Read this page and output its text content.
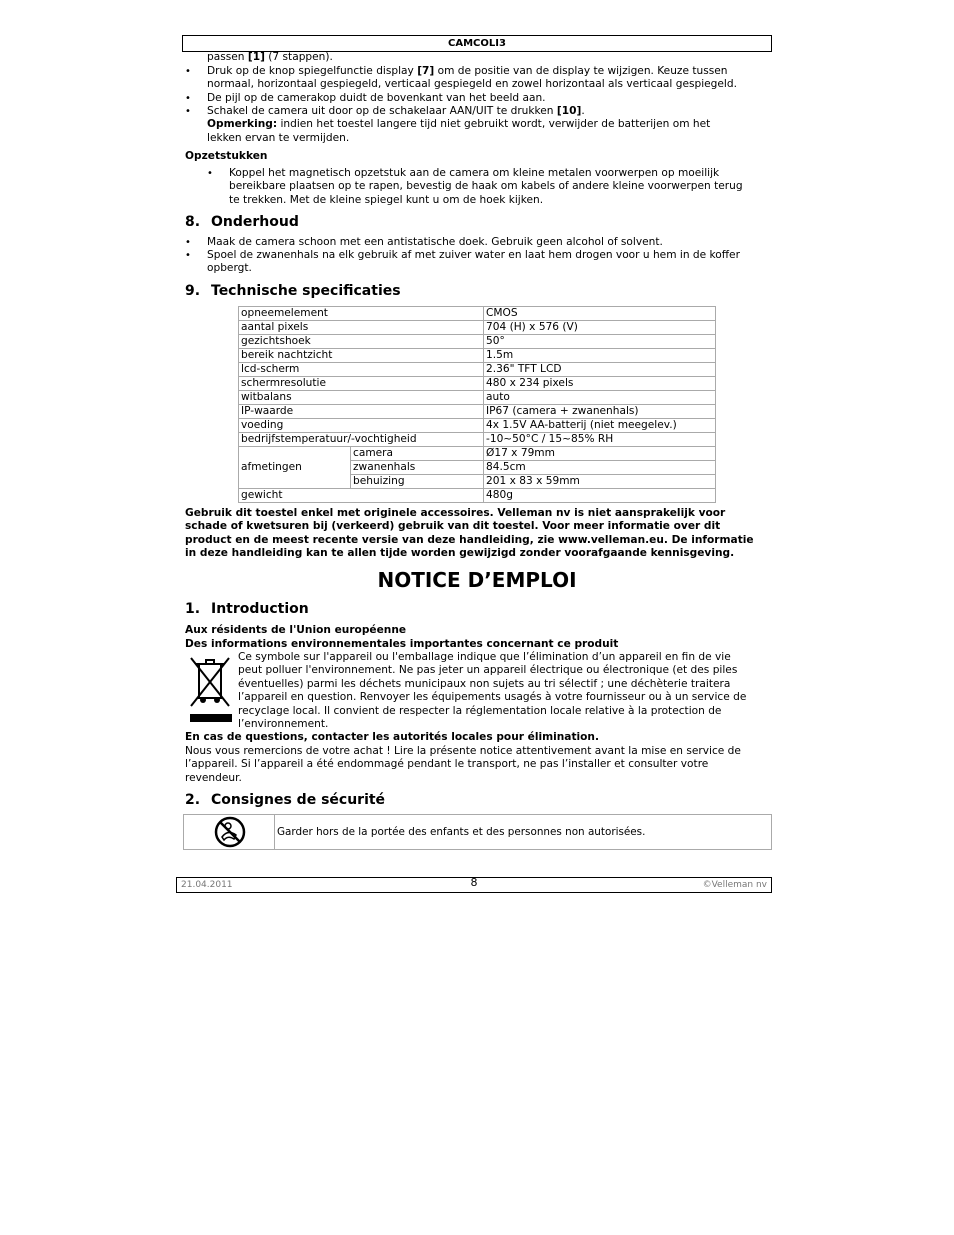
CAMCOLI3
passen [1] (7 stappen).
• Druk op de knop spiegelfunctie display [7] om de positie van de display te wijzigen. Keuze tussen
normaal, horizontaal gespiegeld, verticaal gespiegeld en zowel horizontaal als verticaal gespiegeld.
• De pijl op de camerakop duidt de bovenkant van het beeld aan.
• Schakel de camera uit door op de schakelaar AAN/UIT te drukken [10].
Opmerking: indien het toestel langere tijd niet gebruikt wordt, verwijder de batterijen om het
lekken ervan te vermijden.
Opzetstukken
• Koppel het magnetisch opzetstuk aan de camera om kleine metalen voorwerpen op moeilijk
bereikbare plaatsen op te rapen, bevestig de haak om kabels of andere kleine voorwerpen terug
te trekken. Met de kleine spiegel kunt u om de hoek kijken.
8. Onderhoud
• Maak de camera schoon met een antistatische doek. Gebruik geen alcohol of solvent.
• Spoel de zwanenhals na elk gebruik af met zuiver water en laat hem drogen voor u hem in de koffer
opbergt.
9. Technische specificaties
opneemelement		CMOS
aantal pixels		704 (H) x 576 (V)
gezichtshoek		50°
bereik nachtzicht		1.5m
lcd-scherm		2.36" TFT LCD
schermresolutie		480 x 234 pixels
witbalans		auto
IP-waarde		IP67 (camera + zwanenhals)
voeding		4x 1.5V AA-batterij (niet meegelev.)
bedrijfstemperatuur/-vochtigheid		-10~50°C / 15~85% RH
afmetingen	camera	Ø17 x 79mm
	zwanenhals	84.5cm
	behuizing	201 x 83 x 59mm
gewicht		480g
Gebruik dit toestel enkel met originele accessoires. Velleman nv is niet aansprakelijk voor
schade of kwetsuren bij (verkeerd) gebruik van dit toestel. Voor meer informatie over dit
product en de meest recente versie van deze handleiding, zie www.velleman.eu. De informatie
in deze handleiding kan te allen tijde worden gewijzigd zonder voorafgaande kennisgeving.
NOTICE D’EMPLOI
1. Introduction
Aux résidents de l'Union européenne
Des informations environnementales importantes concernant ce produit
Ce symbole sur l'appareil ou l'emballage indique que l’élimination d’un appareil en fin de vie
peut polluer l'environnement. Ne pas jeter un appareil électrique ou électronique (et des piles
éventuelles) parmi les déchets municipaux non sujets au tri sélectif ; une déchèterie traitera
l’appareil en question. Renvoyer les équipements usagés à votre fournisseur ou à un service de
recyclage local. Il convient de respecter la réglementation locale relative à la protection de
l’environnement.
En cas de questions, contacter les autorités locales pour élimination.
Nous vous remercions de votre achat ! Lire la présente notice attentivement avant la mise en service de
l’appareil. Si l’appareil a été endommagé pendant le transport, ne pas l’installer et consulter votre
revendeur.
2. Consignes de sécurité
Garder hors de la portée des enfants et des personnes non autorisées.
21.04.2011	8	©Velleman nv
